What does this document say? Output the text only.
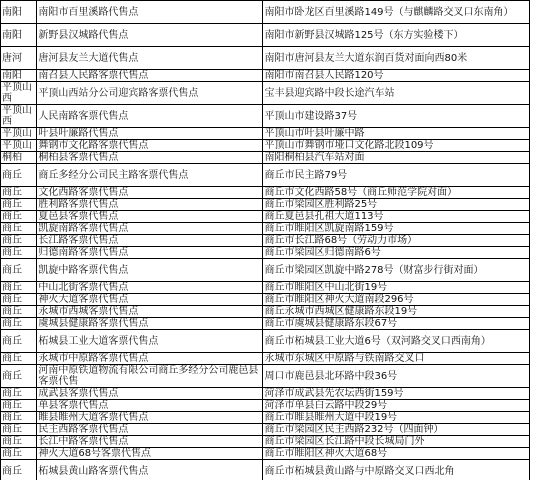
南阳	南阳市百里溪路代售点	南阳市卧龙区百里溪路149号（与麒麟路交叉口东南角）
南阳	新野县汉城路代售点	南阳市新野县汉城路125号（东方实验楼下）
唐河	唐河县友兰大道代售点	南阳市唐河县友兰大道东润百货对面向西80米
南阳	南召县人民路客票代售点	南阳市南召县人民路120号
平顶山西	平顶山西站分公司迎宾路客票代售点	宝丰县迎宾路中段长途汽车站
平顶山西	人民南路客票代售点	平顶山市建设路37号
平顶山	叶县叶廉路代售点	平顶山市叶县叶廉中路
平顶山	舞钢市文化路客票代售点	平顶山市舞钢市垭口文化路北段109号
桐柏	桐柏县客票代售点	南阳桐柏县汽车站对面
商丘	商丘多经分公司民主路客票代售点	商丘市民主路79号
商丘	文化西路客票代售点	商丘市文化西路58号（商丘师范学院对面）
商丘	胜利路客票代售点	商丘市梁园区胜利路25号
商丘	夏邑县客票代售点	商丘夏邑县孔祖大道113号
商丘	凯旋南路客票代售点	商丘市睢阳区凯旋南路159号
商丘	长江路客票代售点	商丘市长江路68号（劳动力市场）
商丘	归德南路客票代售点	商丘市梁园区归德南路6号
商丘	凯旋中路客票代售点	商丘市梁园区凯旋中路278号（财富步行街对面）
商丘	中山北街客票代售点	商丘市睢阳区中山北街19号
商丘	神火大道客票代售点	商丘市睢阳区神火大道南段296号
商丘	永城市西城客票代售点	商丘永城市西城区健康路东段19号
商丘	虞城县健康路客票代售点	商丘市虞城县健康路东段67号
商丘	柘城县工业大道客票代售点	商丘市柘城县工业大道6号（双河路交叉口西南角）
商丘	永城市中原路客票代售点	永城市东城区中原路与铁南路交叉口
商丘	河南中原铁道物流有限公司商丘多经分公司鹿邑县客票代售	周口市鹿邑县北环路中段36号
商丘	成武县客票代售点	菏泽市成武县先农坛西街159号
商丘	单县客票代售点	菏泽市单县白云路中段29号
商丘	睢县睢州大道客票代售点	商丘市睢县睢州大道中段19号
商丘	民主西路客票代售点	商丘市梁园区民主西路232号（四面钟）
商丘	长江中路客票代售点	商丘市梁园区长江路中段长城局门外
商丘	神火大道68号客票代售点	商丘市睢阳区神火大道68号
商丘	柘城县黄山路客票代售点	商丘市柘城县黄山路与中原路交叉口西北角
